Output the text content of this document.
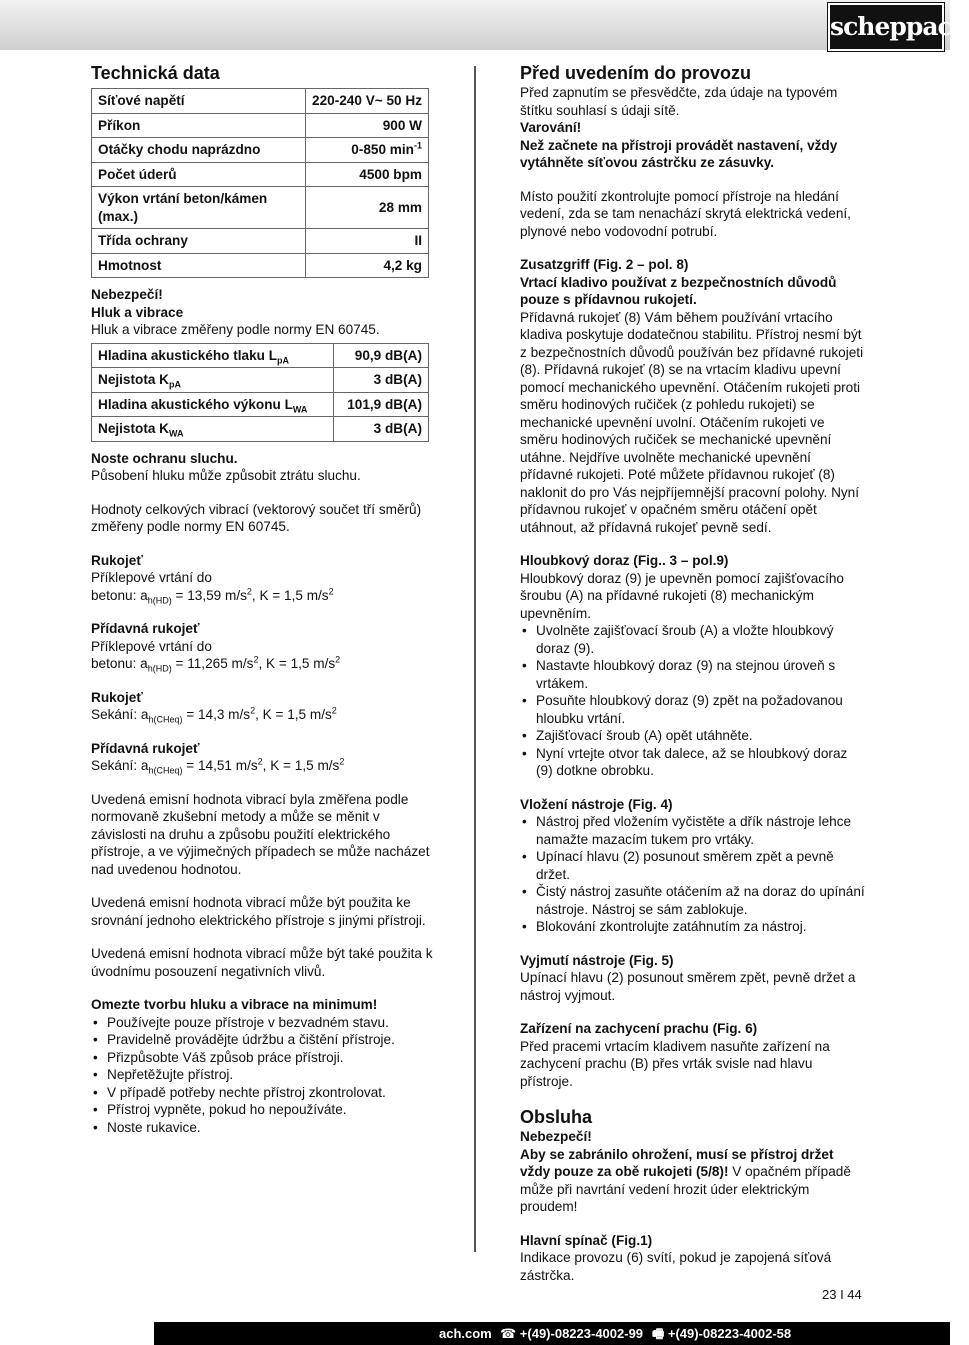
scheppach
Technická data
Síťové napětí	220-240 V~ 50 Hz
Příkon	900 W
Otáčky chodu naprázdno	0-850 $\min^{-1}$
Počet úderů	4500 bpm
Výkon vrtání beton/kámen (max.)	28 mm
Třída ochrany	II
Hmotnost	4,2 kg

Nebezpečí!

Hluk a vibrace

Hluk a vibrace změřeny podle normy EN 60745.

Hladina akustického tlaku $L_{pA}$	90,9 dB(A)
Nejistota $K_{pA}$	3 dB(A)
Hladina akustického výkonu $L_{WA}$	101,9 dB(A)
Nejistota $K_{WA}$	3 dB(A)

Noste ochranu sluchu.

Působení hluku může způsobit ztrátu sluchu.

Hodnoty celkových vibrací (vektorový součet tří směrů) změřeny podle normy EN 60745.

Rukojeť

Příklepové vrtání do

betonu: $a_{h(HD)} = 13,59$ $m/s^2$, K = 1,5 $m/s^2$

Přídavná rukojeť

Příklepové vrtání do

betonu: $a_{h(HD)} = 11,265$ $m/s^2$, K = 1,5 $m/s^2$

Rukojeť

Sekání: $a_{h(CHeq)} = 14,3$ $m/s^2$, K = 1,5 $m/s^2$

Přídavná rukojeť

Sekání: $a_{h(CHeq)} = 14,51$ $m/s^2$, K = 1,5 $m/s^2$

Uvedená emisní hodnota vibrací byla změřena podle normovaně zkušební metody a může se měnit v závislosti na druhu a způsobu použití elektrického přístroje, a ve výjimečných případech se může nacházet nad uvedenou hodnotou.

Uvedená emisní hodnota vibrací může být použita ke srovnání jednoho elektrického přístroje s jinými přístroji.

Uvedená emisní hodnota vibrací může být také použita k úvodnímu posouzení negativních vlivů.

Omezte tvorbu hluku a vibrace na minimum!

• Používejte pouze přístroje v bezvadném stavu.
• Pravidelně provádějte údržbu a čištění přístroje.
• Přizpůsobte Váš způsob práce přístroji.
• Nepřetěžujte přístroj.
• V případě potřeby nechte přístroj zkontrolovat.
• Přístroj vypněte, pokud ho nepoužíváte.
• Noste rukavice.
Před uvedením do provozu

Před zapnutím se přesvědčte, zda údaje na typovém štítku souhlasí s údaji sítě.

Varování!

Než začnete na přístroji provádět nastavení, vždy vytáhněte síťovou zástrčku ze zásuvky.

Místo použití zkontrolujte pomocí přístroje na hledání vedení, zda se tam nenachází skrytá elektrická vedení, plynové nebo vodovodní potrubí.

Zusatzgriff (Fig. 2 – pol. 8)

Vrtací kladivo používat z bezpečnostních důvodů pouze s přídavnou rukojetí.

Přídavná rukojeť (8) Vám během používání vrtacího kladiva poskytuje dodatečnou stabilitu. Přístroj nesmí být z bezpečnostních důvodů používán bez přídavné rukojeti (8). Přídavná rukojeť (8) se na vrtacím kladivu upevní pomocí mechanického upevnění. Otáčením rukojeti proti směru hodinových ručiček (z pohledu rukojeti) se mechanické upevnění uvolní. Otáčením rukojeti ve směru hodinových ručiček se mechanické upevnění utáhne. Nejdříve uvolněte mechanické upevnění přídavné rukojeti. Poté můžete přídavnou rukojeť (8) naklonit do pro Vás nejpříjemnější pracovní polohy. Nyní přídavnou rukojeť v opačném směru otáčení opět utáhnout, až přídavná rukojeť pevně sedí.

Hloubkový doraz (Fig.. 3 – pol.9)

Hloubkový doraz (9) je upevněn pomocí zajišťovacího šroubu (A) na přídavné rukojeti (8) mechanickým upevněním.

• Uvolněte zajišťovací šroub (A) a vložte hloubkový doraz (9).
• Nastavte hloubkový doraz (9) na stejnou úroveň s vrtákem.
• Posuňte hloubkový doraz (9) zpět na požadovanou hloubku vrtání.
• Zajišťovací šroub (A) opět utáhněte.
• Nyní vrtejte otvor tak dalece, až se hloubkový doraz (9) dotkne obrobku.

Vložení nástroje (Fig. 4)

• Nástroj před vložením vyčistěte a dřík nástroje lehce namažte mazacím tukem pro vrtáky.
• Upínací hlavu (2) posunout směrem zpět a pevně držet.
• Čistý nástroj zasuňte otáčením až na doraz do upínání nástroje. Nástroj se sám zablokuje.
• Blokování zkontrolujte zatáhnutím za nástroj.

Vyjmutí nástroje (Fig. 5)

Upínací hlavu (2) posunout směrem zpět, pevně držet a nástroj vyjmout.

Zařízení na zachycení prachu (Fig. 6)

Před pracemi vrtacím kladivem nasuňte zařízení na zachycení prachu (B) přes vrták svisle nad hlavu přístroje.

Obsluha

Nebezpečí!

Aby se zabránilo ohrožení, musí se přístroj držet vždy pouze za obě rukojeti (5/8)! V opačném případě může při navrtání vedení hrozit úder elektrickým proudem!

Hlavní spínač (Fig.1)

Indikace provozu (6) svítí, pokud je zapojená síťová zástrčka.

23 I 44
ach.com ☎ +(49)-08223-4002-99 🖷 +(49)-08223-4002-58
